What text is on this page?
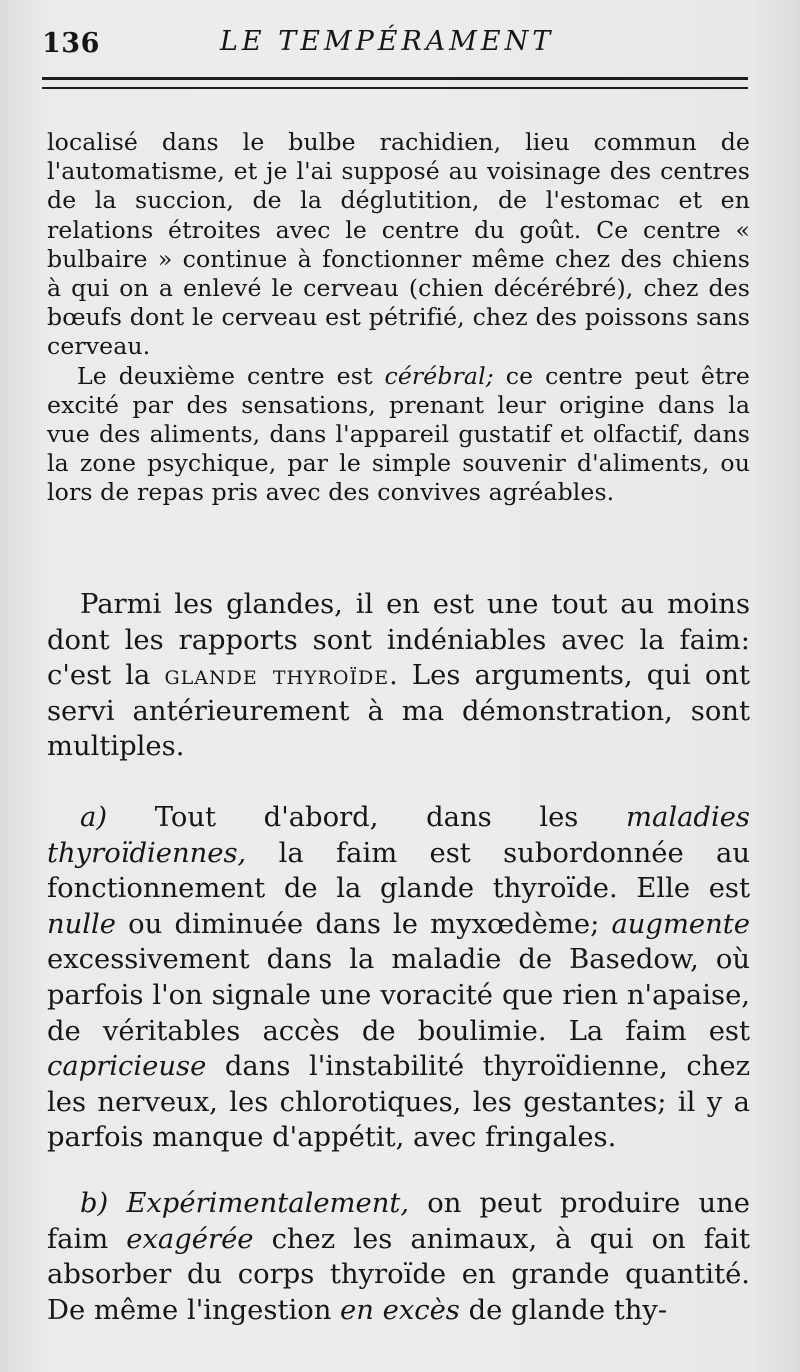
136	LE TEMPÉRAMENT

localisé dans le bulbe rachidien, lieu commun de l'automatisme, et je l'ai supposé au voisinage des centres de la succion, de la déglutition, de l'estomac et en relations étroites avec le centre du goût. Ce centre « bulbaire » continue à fonctionner même chez des chiens à qui on a enlevé le cerveau (chien décérébré), chez des bœufs dont le cerveau est pétrifié, chez des poissons sans cerveau.

Le deuxième centre est cérébral; ce centre peut être excité par des sensations, prenant leur origine dans la vue des aliments, dans l'appareil gustatif et olfactif, dans la zone psychique, par le simple souvenir d'aliments, ou lors de repas pris avec des convives agréables.

Parmi les glandes, il en est une tout au moins dont les rapports sont indéniables avec la faim: c'est la glande thyroïde. Les arguments, qui ont servi antérieurement à ma démonstration, sont multiples.

a) Tout d'abord, dans les maladies thyroïdiennes, la faim est subordonnée au fonctionnement de la glande thyroïde. Elle est nulle ou diminuée dans le myxœdème; augmente excessivement dans la maladie de Basedow, où parfois l'on signale une voracité que rien n'apaise, de véritables accès de boulimie. La faim est capricieuse dans l'instabilité thyroïdienne, chez les nerveux, les chlorotiques, les gestantes; il y a parfois manque d'appétit, avec fringales.

b) Expérimentalement, on peut produire une faim exagérée chez les animaux, à qui on fait absorber du corps thyroïde en grande quantité. De même l'ingestion en excès de glande thy-
